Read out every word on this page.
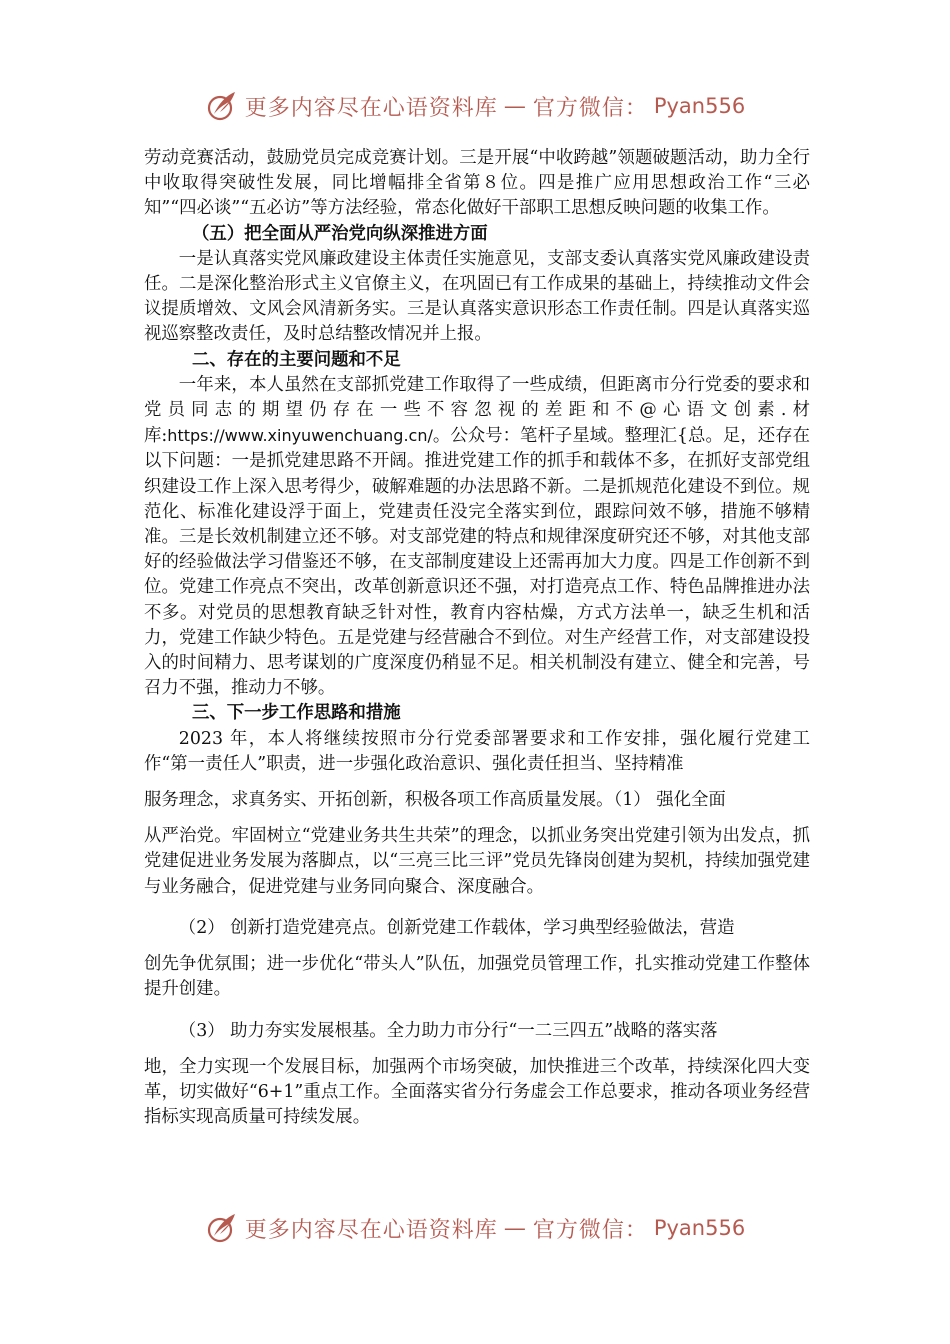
更多内容尽在心语资料库 — 官方微信： Pyan556

劳动竞赛活动，鼓励党员完成竞赛计划。三是开展“中收跨越”领题破题活动，助力全行中收取得突破性发展，同比增幅排全省第８位。四是推广应用思想政治工作“三必知”“四必谈”“五必访”等方法经验，常态化做好干部职工思想反映问题的收集工作。

（五）把全面从严治党向纵深推进方面

一是认真落实党风廉政建设主体责任实施意见，支部支委认真落实党风廉政建设责任。二是深化整治形式主义官僚主义，在巩固已有工作成果的基础上，持续推动文件会议提质增效、文风会风清新务实。三是认真落实意识形态工作责任制。四是认真落实巡视巡察整改责任，及时总结整改情况并上报。

二、存在的主要问题和不足

一年来，本人虽然在支部抓党建工作取得了一些成绩，但距离市分行党委的要求和党员同志的期望仍存在一些不容忽视的差距和不@心语文创素.材库:https://www.xinyuwenchuang.cn/。公众号：笔杆子星域。整理汇{总。足，还存在以下问题：一是抓党建思路不开阔。推进党建工作的抓手和载体不多，在抓好支部党组织建设工作上深入思考得少，破解难题的办法思路不新。二是抓规范化建设不到位。规范化、标准化建设浮于面上，党建责任没完全落实到位，跟踪问效不够，措施不够精准。三是长效机制建立还不够。对支部党建的特点和规律深度研究还不够，对其他支部好的经验做法学习借鉴还不够，在支部制度建设上还需再加大力度。四是工作创新不到位。党建工作亮点不突出，改革创新意识还不强，对打造亮点工作、特色品牌推进办法不多。对党员的思想教育缺乏针对性，教育内容枯燥，方式方法单一，缺乏生机和活力，党建工作缺少特色。五是党建与经营融合不到位。对生产经营工作，对支部建设投入的时间精力、思考谋划的广度深度仍稍显不足。相关机制没有建立、健全和完善，号召力不强，推动力不够。

三、下一步工作思路和措施

2023 年，本人将继续按照市分行党委部署要求和工作安排，强化履行党建工作“第一责任人”职责，进一步强化政治意识、强化责任担当、坚持精准

服务理念，求真务实、开拓创新，积极各项工作高质量发展。（1） 强化全面

从严治党。牢固树立“党建业务共生共荣”的理念，以抓业务突出党建引领为出发点，抓党建促进业务发展为落脚点，以“三亮三比三评”党员先锋岗创建为契机，持续加强党建与业务融合，促进党建与业务同向聚合、深度融合。

（2） 创新打造党建亮点。创新党建工作载体，学习典型经验做法，营造

创先争优氛围；进一步优化“带头人”队伍，加强党员管理工作，扎实推动党建工作整体提升创建。

（3） 助力夯实发展根基。全力助力市分行“一二三四五”战略的落实落

地，全力实现一个发展目标，加强两个市场突破，加快推进三个改革，持续深化四大变革，切实做好“6+1”重点工作。全面落实省分行务虚会工作总要求，推动各项业务经营指标实现高质量可持续发展。

更多内容尽在心语资料库 — 官方微信： Pyan556
